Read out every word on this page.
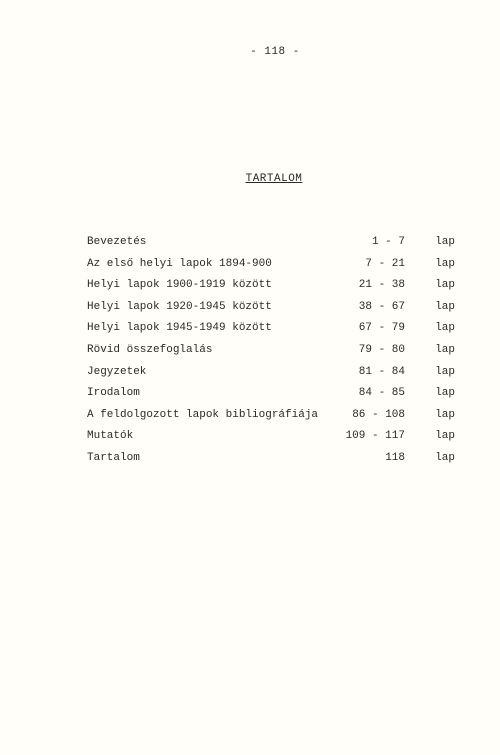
- 118 -
TARTALOM
Bevezetés	1 - 7	lap
Az első helyi lapok 1894-900	7 - 21	lap
Helyi lapok 1900-1919 között	21 - 38	lap
Helyi lapok 1920-1945 között	38 - 67	lap
Helyi lapok 1945-1949 között	67 - 79	lap
Rövid összefoglalás	79 - 80	lap
Jegyzetek	81 - 84	lap
Irodalom	84 - 85	lap
A feldolgozott lapok bibliográfiája	86 - 108	lap
Mutatók	109 - 117	lap
Tartalom	118	lap
